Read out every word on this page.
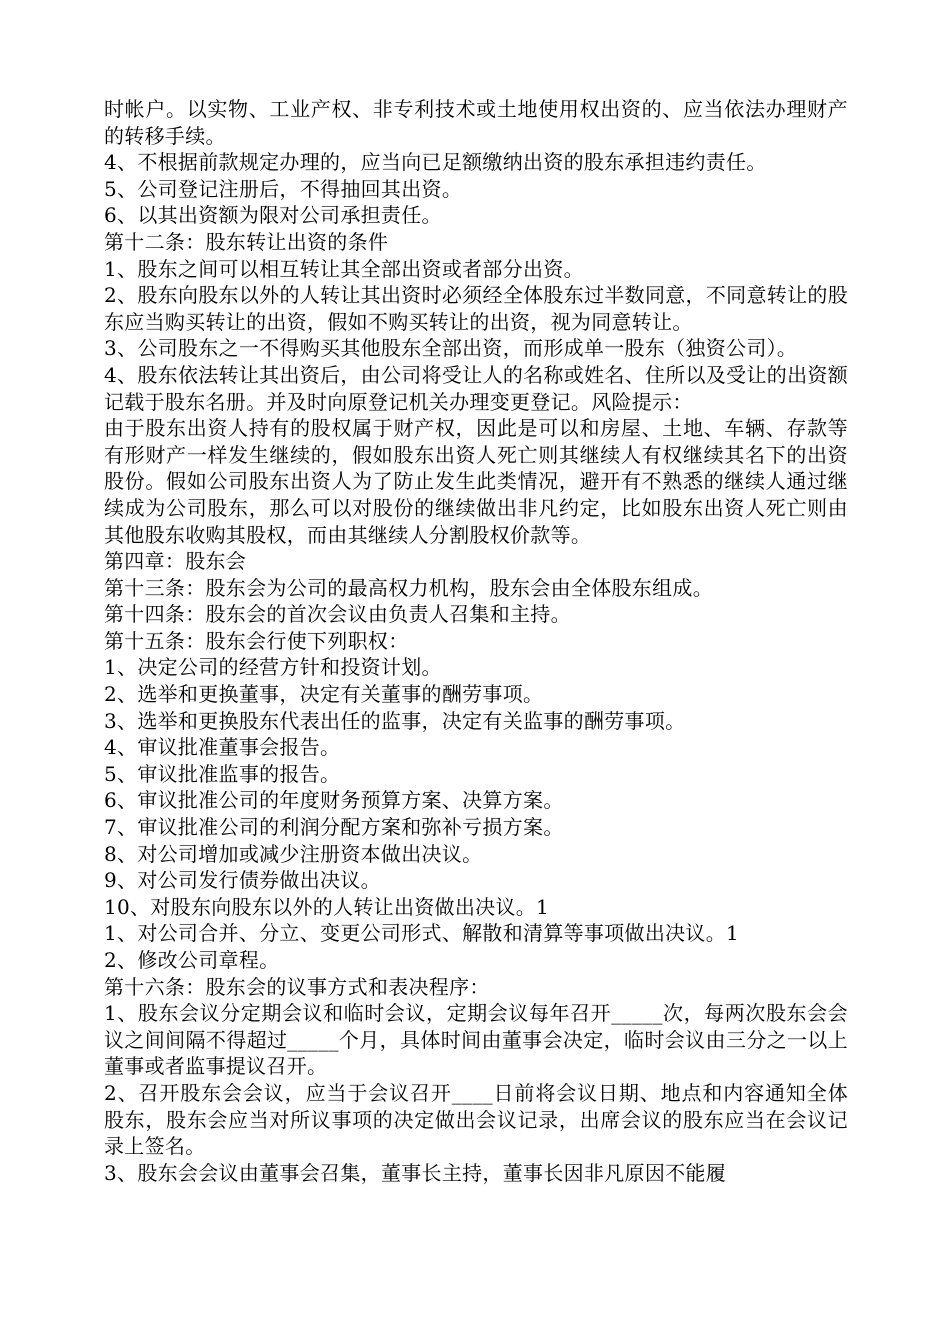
时帐户。以实物、工业产权、非专利技术或土地使用权出资的、应当依法办理财产的转移手续。

4、不根据前款规定办理的，应当向已足额缴纳出资的股东承担违约责任。

5、公司登记注册后，不得抽回其出资。

6、以其出资额为限对公司承担责任。

第十二条：股东转让出资的条件

1、股东之间可以相互转让其全部出资或者部分出资。

2、股东向股东以外的人转让其出资时必须经全体股东过半数同意，不同意转让的股东应当购买转让的出资，假如不购买转让的出资，视为同意转让。

3、公司股东之一不得购买其他股东全部出资，而形成单一股东（独资公司）。

4、股东依法转让其出资后，由公司将受让人的名称或姓名、住所以及受让的出资额记载于股东名册。并及时向原登记机关办理变更登记。风险提示：

由于股东出资人持有的股权属于财产权，因此是可以和房屋、土地、车辆、存款等有形财产一样发生继续的，假如股东出资人死亡则其继续人有权继续其名下的出资股份。假如公司股东出资人为了防止发生此类情况，避开有不熟悉的继续人通过继续成为公司股东，那么可以对股份的继续做出非凡约定，比如股东出资人死亡则由其他股东收购其股权，而由其继续人分割股权价款等。

第四章：股东会

第十三条：股东会为公司的最高权力机构，股东会由全体股东组成。

第十四条：股东会的首次会议由负责人召集和主持。

第十五条：股东会行使下列职权：

1、决定公司的经营方针和投资计划。

2、选举和更换董事，决定有关董事的酬劳事项。

3、选举和更换股东代表出任的监事，决定有关监事的酬劳事项。

4、审议批准董事会报告。

5、审议批准监事的报告。

6、审议批准公司的年度财务预算方案、决算方案。

7、审议批准公司的利润分配方案和弥补亏损方案。

8、对公司增加或减少注册资本做出决议。

9、对公司发行债券做出决议。

10、对股东向股东以外的人转让出资做出决议。1

1、对公司合并、分立、变更公司形式、解散和清算等事项做出决议。1

2、修改公司章程。

第十六条：股东会的议事方式和表决程序：

1、股东会议分定期会议和临时会议，定期会议每年召开_____次，每两次股东会会议之间间隔不得超过_____个月，具体时间由董事会决定，临时会议由三分之一以上董事或者监事提议召开。

2、召开股东会会议，应当于会议召开____日前将会议日期、地点和内容通知全体股东，股东会应当对所议事项的决定做出会议记录，出席会议的股东应当在会议记录上签名。

3、股东会会议由董事会召集，董事长主持，董事长因非凡原因不能履
